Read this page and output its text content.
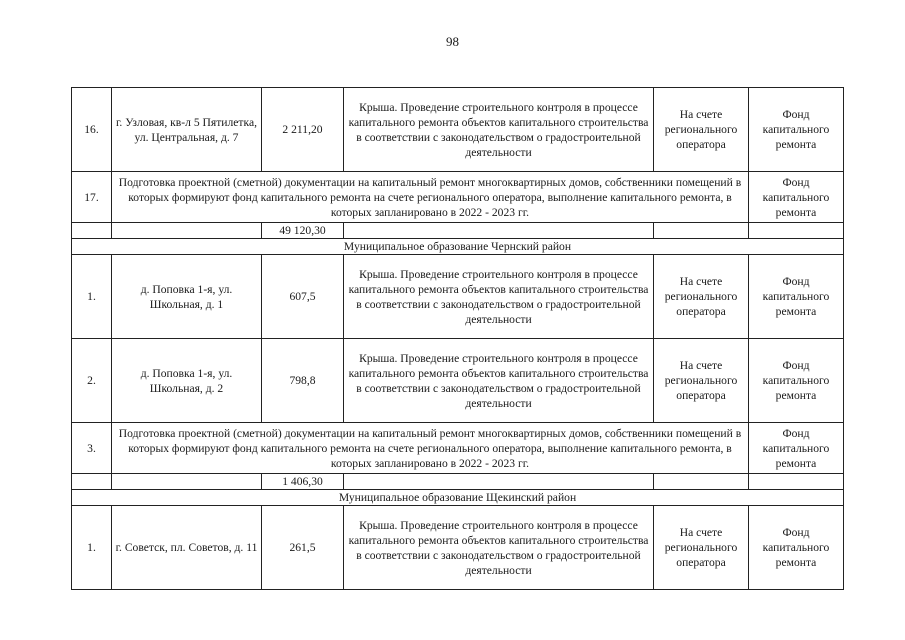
98
16.	г. Узловая, кв-л 5 Пятилетка, ул. Центральная, д. 7	2 211,20	Крыша. Проведение строительного контроля в процессе капитального ремонта объектов капитального строительства в соответствии с законодательством о градостроительной деятельности	На счете регионального оператора	Фонд капитального ремонта
17.	Подготовка проектной (сметной) документации на капитальный ремонт многоквартирных домов, собственники помещений в которых формируют фонд капитального ремонта на счете регионального оператора, выполнение капитального ремонта, в которых запланировано в 2022 - 2023 гг.				Фонд капитального ремонта
		49 120,30			
Муниципальное образование Чернский район					
1.	д. Поповка 1-я, ул. Школьная, д. 1	607,5	Крыша. Проведение строительного контроля в процессе капитального ремонта объектов капитального строительства в соответствии с законодательством о градостроительной деятельности	На счете регионального оператора	Фонд капитального ремонта
2.	д. Поповка 1-я, ул. Школьная, д. 2	798,8	Крыша. Проведение строительного контроля в процессе капитального ремонта объектов капитального строительства в соответствии с законодательством о градостроительной деятельности	На счете регионального оператора	Фонд капитального ремонта
3.	Подготовка проектной (сметной) документации на капитальный ремонт многоквартирных домов, собственники помещений в которых формируют фонд капитального ремонта на счете регионального оператора, выполнение капитального ремонта, в которых запланировано в 2022 - 2023 гг.				Фонд капитального ремонта
		1 406,30			
Муниципальное образование Щекинский район					
1.	г. Советск, пл. Советов, д. 11	261,5	Крыша. Проведение строительного контроля в процессе капитального ремонта объектов капитального строительства в соответствии с законодательством о градостроительной деятельности	На счете регионального оператора	Фонд капитального ремонта
